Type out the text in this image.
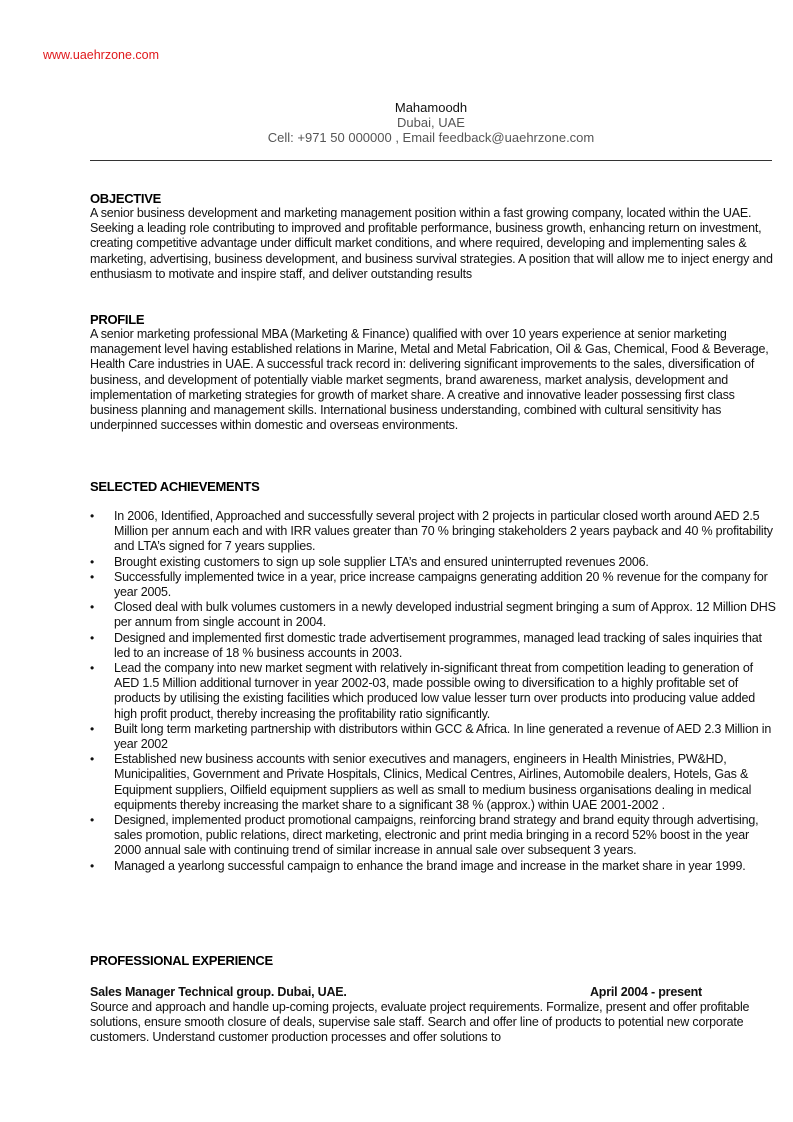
www.uaehrzone.com
Mahamoodh
Dubai, UAE
Cell: +971 50 000000 , Email feedback@uaehrzone.com
OBJECTIVE

A senior business development and marketing management position within a fast growing company, located within the UAE. Seeking a leading role contributing to improved and profitable performance, business growth, enhancing return on investment, creating competitive advantage under difficult market conditions, and where required, developing and implementing sales & marketing, advertising, business development, and business survival strategies. A position that will allow me to inject energy and enthusiasm to motivate and inspire staff, and deliver outstanding results

PROFILE

A senior marketing professional MBA (Marketing & Finance) qualified with over 10 years experience at senior marketing management level having established relations in Marine, Metal and Metal Fabrication, Oil & Gas, Chemical, Food & Beverage, Health Care industries in UAE. A successful track record in: delivering significant improvements to the sales, diversification of business, and development of potentially viable market segments, brand awareness, market analysis, development and implementation of marketing strategies for growth of market share. A creative and innovative leader possessing first class business planning and management skills. International business understanding, combined with cultural sensitivity has underpinned successes within domestic and overseas environments.

SELECTED ACHIEVEMENTS
• In 2006, Identified, Approached and successfully several project with 2 projects in particular closed worth around AED 2.5 Million per annum each and with IRR values greater than 70 % bringing stakeholders 2 years payback and 40 % profitability and LTA’s signed for 7 years supplies.
• Brought existing customers to sign up sole supplier LTA’s and ensured uninterrupted revenues 2006.
• Successfully implemented twice in a year, price increase campaigns generating addition 20 % revenue for the company for year 2005.
• Closed deal with bulk volumes customers in a newly developed industrial segment bringing a sum of Approx. 12 Million DHS per annum from single account in 2004.
• Designed and implemented first domestic trade advertisement programmes, managed lead tracking of sales inquiries that led to an increase of 18 % business accounts in 2003.
• Lead the company into new market segment with relatively in-significant threat from competition leading to generation of AED 1.5 Million additional turnover in year 2002-03, made possible owing to diversification to a highly profitable set of products by utilising the existing facilities which produced low value lesser turn over products into producing value added high profit product, thereby increasing the profitability ratio significantly.
• Built long term marketing partnership with distributors within GCC & Africa. In line generated a revenue of AED 2.3 Million in year 2002
• Established new business accounts with senior executives and managers, engineers in Health Ministries, PW&HD, Municipalities, Government and Private Hospitals, Clinics, Medical Centres, Airlines, Automobile dealers, Hotels, Gas & Equipment suppliers, Oilfield equipment suppliers as well as small to medium business organisations dealing in medical equipments thereby increasing the market share to a significant 38 % (approx.) within UAE 2001-2002 .
• Designed, implemented product promotional campaigns, reinforcing brand strategy and brand equity through advertising, sales promotion, public relations, direct marketing, electronic and print media bringing in a record 52% boost in the year 2000 annual sale with continuing trend of similar increase in annual sale over subsequent 3 years.
• Managed a yearlong successful campaign to enhance the brand image and increase in the market share in year 1999.
PROFESSIONAL EXPERIENCE
Sales Manager Technical group. Dubai, UAE.	April 2004 - present

Source and approach and handle up-coming projects, evaluate project requirements. Formalize, present and offer profitable solutions, ensure smooth closure of deals, supervise sale staff. Search and offer line of products to potential new corporate customers. Understand customer production processes and offer solutions to
